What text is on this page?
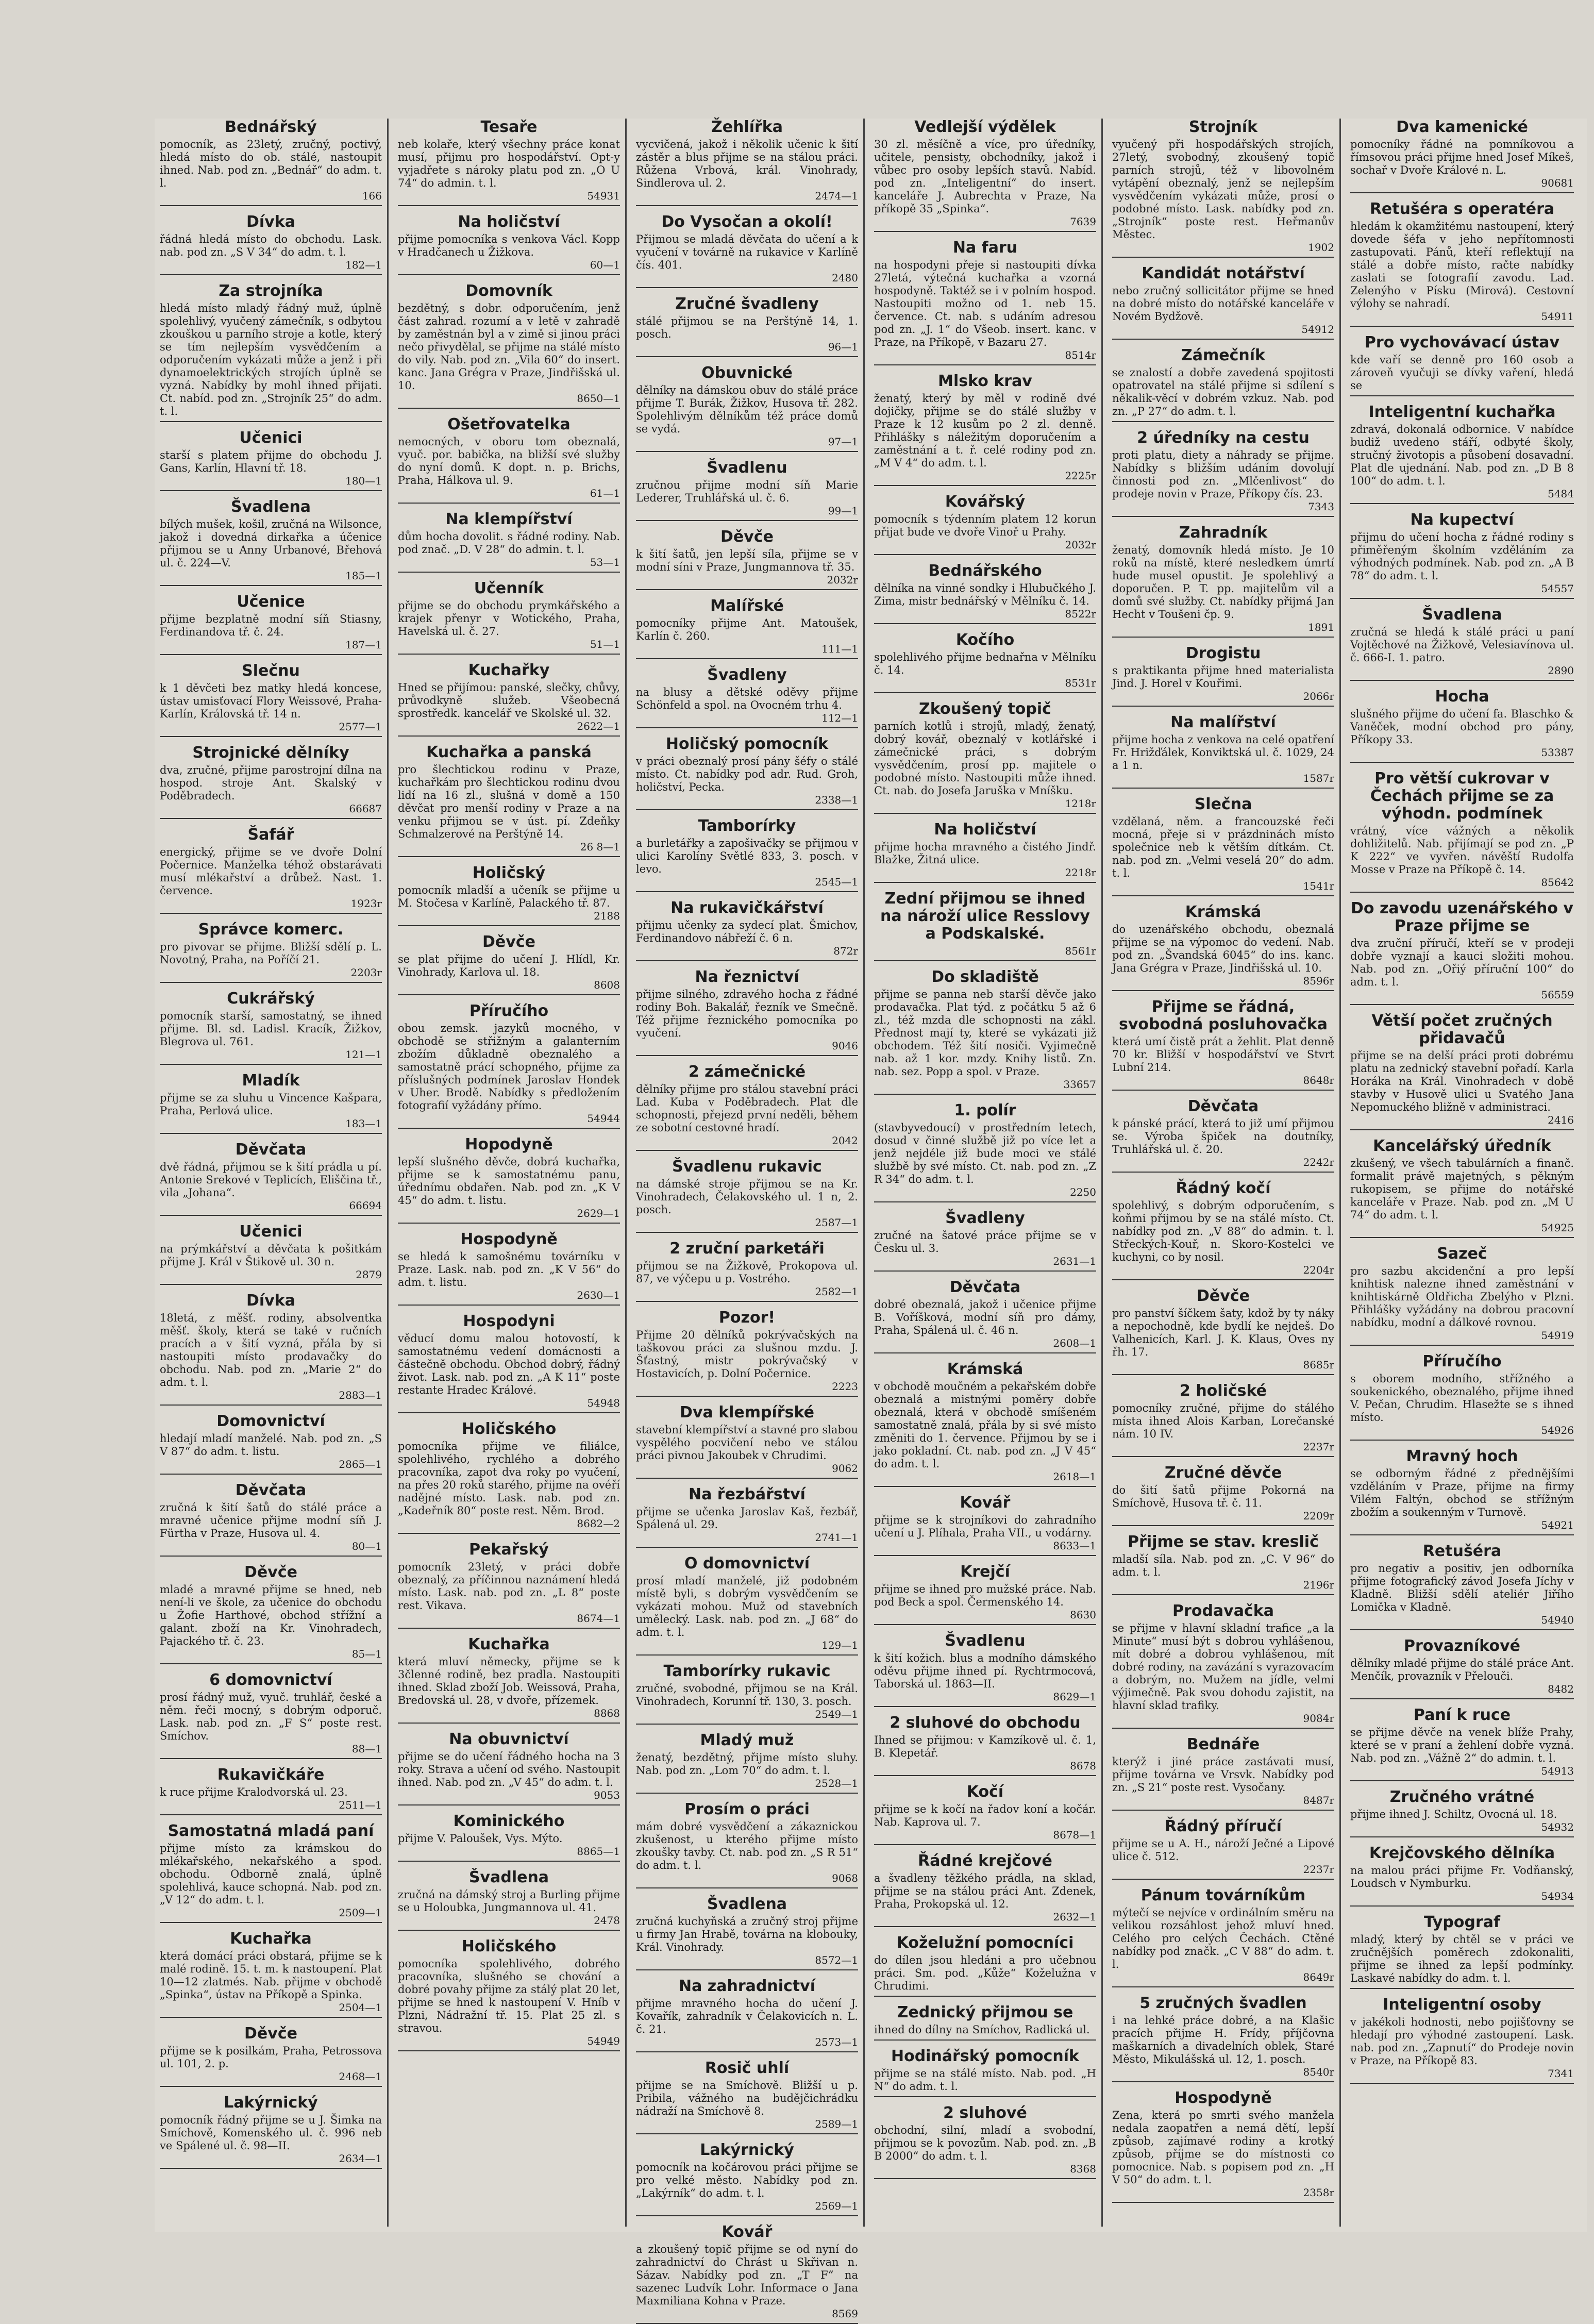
Bednářský

pomocník, as 23letý, zručný, poctivý, hledá místo do ob. stálé, nastoupit ihned. Nab. pod zn. „Bednář“ do adm. t. l.

166
Dívka

řádná hledá místo do obchodu. Lask. nab. pod zn. „S V 34“ do adm. t. l.

182—1
Za strojníka

hledá místo mladý řádný muž, úplně spolehlivý, vyučený zámečník, s odbytou zkouškou u parního stroje a kotle, který se tím nejlepším vysvědčením a odporučením vykázati může a jenž i při dynamoelektrických strojích úplně se vyzná. Nabídky by mohl ihned přijati. Ct. nabíd. pod zn. „Strojník 25“ do adm. t. l.

Učenici

starší s platem přijme do obchodu J. Gans, Karlín, Hlavní tř. 18.

180—1
Švadlena

bílých mušek, košil, zručná na Wilsonce, jakož i dovedná dirkařka a účenice přijmou se u Anny Urbanové, Břehová ul. č. 224—V.

185—1
Učenice

přijme bezplatně modní síň Stiasny, Ferdinandova tř. č. 24.

187—1
Slečnu

k 1 děvčeti bez matky hledá koncese, ústav umisťovací Flory Weissové, Praha-Karlín, Královská tř. 14 n.

2577—1
Strojnické dělníky

dva, zručné, přijme parostrojní dílna na hospod. stroje Ant. Skalský v Poděbradech.

66687
Šafář

energický, přijme se ve dvoře Dolní Počernice. Manželka téhož obstarávati musí mlékařství a drůbež. Nast. 1. července.

1923r
Správce komerc.

pro pivovar se přijme. Bližší sdělí p. L. Novotný, Praha, na Poříčí 21.

2203r
Cukrářský

pomocník starší, samostatný, se ihned přijme. Bl. sd. Ladisl. Kracík, Žižkov, Blegrova ul. 761.

121—1
Mladík

přijme se za sluhu u Vincence Kašpara, Praha, Perlová ulice.

183—1
Děvčata

dvě řádná, přijmou se k šití prádla u pí. Antonie Srekové v Teplicích, Eliščina tř., vila „Johana“.

66694
Učenici

na prýmkářství a děvčata k pošitkám přijme J. Král v Štikově ul. 30 n.

2879
Dívka

18letá, z měšť. rodiny, absolventka měšť. školy, která se také v ručních pracích a v šití vyzná, přála by si nastoupiti místo prodavačky do obchodu. Nab. pod zn. „Marie 2“ do adm. t. l.

2883—1
Domovnictví

hledají mladí manželé. Nab. pod zn. „S V 87“ do adm. t. listu.

2865—1
Děvčata

zručná k šití šatů do stálé práce a mravné učenice přijme modní síň J. Fürtha v Praze, Husova ul. 4.

80—1
Děvče

mladé a mravné přijme se hned, neb není-li ve škole, za učenice do obchodu u Žofie Harthové, obchod střížní a galant. zboží na Kr. Vinohradech, Pajackého tř. č. 23.

85—1
6 domovnictví

prosí řádný muž, vyuč. truhlář, české a něm. řeči mocný, s dobrým odporuč. Lask. nab. pod zn. „F S“ poste rest. Smíchov.

88—1
Rukavičkáře

k ruce přijme Kralodvorská ul. 23.

2511—1
Samostatná mladá paní

přijme místo za krámskou do mlékařského, nekařského a spod. obchodu. Odborně znalá, úplně spolehlivá, kauce schopná. Nab. pod zn. „V 12“ do adm. t. l.

2509—1
Kuchařka

která domácí práci obstará, přijme se k malé rodině. 15. t. m. k nastoupení. Plat 10—12 zlatmés. Nab. přijme v obchodě „Spinka“, ústav na Příkopě a Spinka.

2504—1
Děvče

přijme se k posilkám, Praha, Petrossova ul. 101, 2. p.

2468—1
Lakýrnický

pomocník řádný přijme se u J. Šimka na Smíchově, Komenského ul. č. 996 neb ve Spálené ul. č. 98—II.

2634—1
Tesaře

neb kolaře, který všechny práce konat musí, přijmu pro hospodářství. Opt-y vyjadřete s nároky platu pod zn. „O U 74“ do admin. t. l.

54931
Na holičství

přijme pomocníka s venkova Václ. Kopp v Hradčanech u Žižkova.

60—1
Domovník

bezdětný, s dobr. odporučením, jenž část zahrad. rozumí a v letě v zahradě by zaměstnán byl a v zimě si jinou práci nečo přivydělal, se přijme na stálé místo do vily. Nab. pod zn. „Vila 60“ do insert. kanc. Jana Grégra v Praze, Jindřišská ul. 10.

8650—1
Ošetřovatelka

nemocných, v oboru tom obeznalá, vyuč. por. babička, na bližší své služby do nyní domů. K dopt. n. p. Brichs, Praha, Hálkova ul. 9.

61—1
Na klempířství

dům hocha dovolit. s řádné rodiny. Nab. pod znač. „D. V 28“ do admin. t. l.

53—1
Učenník

přijme se do obchodu prymkářského a krajek přenyr v Wotického, Praha, Havelská ul. č. 27.

51—1
Kuchařky

Hned se přijímou: panské, slečky, chůvy, průvodkyně služeb. Všeobecná sprostředk. kancelář ve Skolské ul. 32.

2622—1
Kuchařka a panská

pro šlechtickou rodinu v Praze, kuchařkám pro šlechtickou rodinu dvou lidí na 16 zl., slušná v domě a 150 děvčat pro menší rodiny v Praze a na venku přijmou se v úst. pí. Zdeňky Schmalzerové na Perštýně 14.

26 8—1
Holičský

pomocník mladší a učeník se přijme u M. Stočesa v Karlíně, Palackého tř. 87.

2188
Děvče

se plat přijme do učení J. Hlídl, Kr. Vinohrady, Karlova ul. 18.

8608
Příručího

obou zemsk. jazyků mocného, v obchodě se střižným a galanterním zbožím důkladně obeznalého a samostatně prácí schopného, přijme za příslušných podmínek Jaroslav Hondek v Uher. Brodě. Nabídky s předložením fotografií vyžádány přímo.

54944
Hopodyně

lepší slušného děvče, dobrá kuchařka, přijme se k samostatnému panu, úřednímu obdařen. Nab. pod zn. „K V 45“ do adm. t. listu.

2629—1
Hospodyně

se hledá k samošnému továrníku v Praze. Lask. nab. pod zn. „K V 56“ do adm. t. listu.

2630—1
Hospodyni

věducí domu malou hotovostí, k samostatnému vedení domácnosti a částečně obchodu. Obchod dobrý, řádný život. Lask. nab. pod zn. „A K 11“ poste restante Hradec Králové.

54948
Holičského

pomocníka přijme ve filiálce, spolehlivého, rychlého a dobrého pracovníka, zapot dva roky po vyučení, na přes 20 roků starého, přijme na ovéří nadějné místo. Lask. nab. pod zn. „Kadeřník 80“ poste rest. Něm. Brod.

8682—2
Pekařský

pomocník 23letý, v práci dobře obeznalý, za příčinnou naznámení hledá místo. Lask. nab. pod zn. „L 8“ poste rest. Vikava.

8674—1
Kuchařka

která mluví německy, přijme se k 3členné rodině, bez pradla. Nastoupiti ihned. Sklad zboží Job. Weissová, Praha, Bredovská ul. 28, v dvoře, přízemek.

8868
Na obuvnictví

přijme se do učení řádného hocha na 3 roky. Strava a učení od svého. Nastoupit ihned. Nab. pod zn. „V 45“ do adm. t. l.

9053
Kominického

přijme V. Paloušek, Vys. Mýto.

8865—1
Švadlena

zručná na dámský stroj a Burling přijme se u Holoubka, Jungmannova ul. 41.

2478
Holičského

pomocníka spolehlivého, dobrého pracovníka, slušného se chování a dobré povahy přijme za stálý plat 20 let, přijme se hned k nastoupení V. Hníb v Plzni, Nádražní tř. 15. Plat 25 zl. s stravou.

54949
Žehlířka

vycvičená, jakož i několik učenic k šití zástěr a blus přijme se na stálou práci. Růžena Vrbová, král. Vinohrady, Sindlerova ul. 2.

2474—1
Do Vysočan a okolí!

Přijmou se mladá děvčata do učení a k vyučení v továrně na rukavice v Karlíně čís. 401.

2480
Zručné švadleny

stálé přijmou se na Perštýně 14, 1. posch.

96—1
Obuvnické

dělníky na dámskou obuv do stálé práce přijme T. Burák, Žižkov, Husova tř. 282. Spolehlivým dělníkům též práce domů se vydá.

97—1
Švadlenu

zručnou přijme modní síň Marie Lederer, Truhlářská ul. č. 6.

99—1
Děvče

k šití šatů, jen lepší síla, přijme se v modní síni v Praze, Jungmannova tř. 35.

2032r
Malířské

pomocníky přijme Ant. Matoušek, Karlín č. 260.

111—1
Švadleny

na blusy a dětské oděvy přijme Schönfeld a spol. na Ovocném trhu 4.

112—1
Holičský pomocník

v práci obeznalý prosí pány šéfy o stálé místo. Ct. nabídky pod adr. Rud. Groh, holičství, Pecka.

2338—1
Tamborírky

a burletářky a zapošivačky se přijmou v ulici Karolíny Světlé 833, 3. posch. v levo.

2545—1
Na rukavičkářství

přijmu učenky za sydecí plat. Šmichov, Ferdinandovo nábřeží č. 6 n.

872r
Na řeznictví

přijme silného, zdravého hocha z řádné rodiny Boh. Bakalář, řezník ve Smečně. Též přijme řeznického pomocníka po vyučení.

9046
2 zámečnické

dělníky přijme pro stálou stavební práci Lad. Kuba v Poděbradech. Plat dle schopnosti, přejezd první neděli, během ze sobotní cestovné hradí.

2042
Švadlenu rukavic

na dámské stroje přijmou se na Kr. Vinohradech, Čelakovského ul. 1 n, 2. posch.

2587—1
2 zruční parketáři

přijmou se na Žižkově, Prokopova ul. 87, ve výčepu u p. Vostrého.

2582—1
Pozor!

Přijme 20 dělníků pokrývačských na taškovou práci za slušnou mzdu. J. Šťastný, mistr pokrývačský v Hostavicích, p. Dolní Počernice.

2223
Dva klempířské

stavební klempířství a stavné pro slabou vyspělého pocvičení nebo ve stálou práci pivnou Jakoubek v Chrudimi.

9062
Na řezbářství

přijme se učenka Jaroslav Kaš, řezbář, Spálená ul. 29.

2741—1
O domovnictví

prosí mladí manželé, již podobném místě byli, s dobrým vysvědčením se vykázati mohou. Muž od stavebních umělecký. Lask. nab. pod zn. „J 68“ do adm. t. l.

129—1
Tamborírky rukavic

zručné, svobodné, přijmou se na Král. Vinohradech, Korunní tř. 130, 3. posch.

2549—1
Mladý muž

ženatý, bezdětný, přijme místo sluhy. Nab. pod zn. „Lom 70“ do adm. t. l.

2528—1
Prosím o práci

mám dobré vysvědčení a zákaznickou zkušenost, u kterého přijme místo zkoušky tavby. Ct. nab. pod zn. „S R 51“ do adm. t. l.

9068
Švadlena

zručná kuchyňská a zručný stroj přijme u firmy Jan Hrabě, továrna na klobouky, Král. Vinohrady.

8572—1
Na zahradnictví

přijme mravného hocha do učení J. Kovařík, zahradník v Čelakovicích n. L. č. 21.

2573—1
Rosič uhlí

přijme se na Smíchově. Bližší u p. Pribila, vážného na budějčichrádku nádraží na Smíchově 8.

2589—1
Lakýrnický

pomocník na kočárovou práci přijme se pro velké město. Nabídky pod zn. „Lakýrník“ do adm. t. l.

2569—1
Kovář

a zkoušený topič přijme se od nyní do zahradnictví do Chrást u Skřivan n. Sázav. Nabídky pod zn. „T F“ na sazenec Ludvík Lohr. Informace o Jana Maxmiliana Kohna v Praze.

8569
Vedlejší výdělek

30 zl. měsíčně a více, pro úředníky, učitele, pensisty, obchodníky, jakož i vůbec pro osoby lepších stavů. Nabíd. pod zn. „Inteligentní“ do insert. kanceláře J. Aubrechta v Praze, Na příkopě 35 „Spinka“.

7639
Na faru

na hospodyni přeje si nastoupiti dívka 27letá, výtečná kuchařka a vzorná hospodyně. Taktéž se i v polním hospod. Nastoupiti možno od 1. neb 15. července. Ct. nab. s udáním adresou pod zn. „J. 1“ do Všeob. insert. kanc. v Praze, na Příkopě, v Bazaru 27.

8514r
Mlsko krav

ženatý, který by měl v rodině dvé dojičky, přijme se do stálé služby v Praze k 12 kusům po 2 zl. denně. Přihlášky s náležitým doporučením a zaměstnání a t. ř. celé rodiny pod zn. „M V 4“ do adm. t. l.

2225r
Kovářský

pomocník s týdenním platem 12 korun přijat bude ve dvoře Vinoř u Prahy.

2032r
Bednářského

dělníka na vinné sondky i Hlubučkého J. Zima, mistr bednářský v Mělníku č. 14.

8522r
Kočího

spolehlivého přijme bednařna v Mělníku č. 14.

8531r
Zkoušený topič

parních kotlů i strojů, mladý, ženatý, dobrý kovář, obeznalý v kotlářské i zámečnické práci, s dobrým vysvědčením, prosí pp. majitele o podobné místo. Nastoupiti může ihned. Ct. nab. do Josefa Jaruška v Mníšku.

1218r
Na holičství

přijme hocha mravného a čistého Jindř. Blažke, Žitná ulice.

2218r
Zední přijmou se ihned na nároží ulice Resslovy a Podskalské.
8561r
Do skladiště

přijme se panna neb starší děvče jako prodavačka. Plat týd. z počátku 5 až 6 zl., též mzda dle schopnosti na zákl. Přednost mají ty, které se vykázati již obchodem. Též šití nosiči. Vyjimečně nab. až 1 kor. mzdy. Knihy listů. Zn. nab. sez. Popp a spol. v Praze.

33657
1. polír

(stavbyvedoucí) v prostředním letech, dosud v činné službě již po více let a jenž nejdéle již bude moci ve stálé službě by své místo. Ct. nab. pod zn. „Z R 34“ do adm. t. l.

2250
Švadleny

zručné na šatové práce přijme se v Česku ul. 3.

2631—1
Děvčata

dobré obeznalá, jakož i učenice přijme B. Voříšková, modní síň pro dámy, Praha, Spálená ul. č. 46 n.

2608—1
Krámská

v obchodě moučném a pekařském dobře obeznalá a mistnými poměry dobře obeznalá, která v obchodě smíšeném samostatně znalá, přála by si své místo změniti do 1. července. Přijmou by se i jako pokladní. Ct. nab. pod zn. „J V 45“ do adm. t. l.

2618—1
Kovář

přijme se k strojníkovi do zahradního učení u J. Plíhala, Praha VII., u vodárny.

8633—1
Krejčí

přijme se ihned pro mužské práce. Nab. pod Beck a spol. Čermenského 14.

8630
Švadlenu

k šití kožich. blus a modního dámského oděvu přijme ihned pí. Rychtrmocová, Taborská ul. 1863—II.

8629—1
2 sluhové do obchodu

Ihned se přijmou: v Kamzíkově ul. č. 1, B. Klepetář.

8678
Kočí

přijme se k kočí na řadov koní a kočár. Nab. Kaprova ul. 7.

8678—1
Řádné krejčové

a švadleny těžkého prádla, na sklad, přijme se na stálou práci Ant. Zdenek, Praha, Prokopská ul. 12.

2632—1
Koželužní pomocníci

do dílen jsou hledáni a pro učebnou práci. Sm. pod. „Kůže“ Koželužna v Chrudimi.

Zednický přijmou se

ihned do dílny na Smíchov, Radlická ul.

Hodinářský pomocník

přijme se na stálé místo. Nab. pod. „H N“ do adm. t. l.

2 sluhové

obchodní, silní, mladí a svobodní, přijmou se k povozům. Nab. pod. zn. „B B 2000“ do adm. t. l.

8368
Strojník

vyučený při hospodářských strojích, 27letý, svobodný, zkoušený topič parních strojů, též v libovolném vytápění obeznalý, jenž se nejlepším vysvědčením vykázati může, prosí o podobné místo. Lask. nabídky pod zn. „Strojník“ poste rest. Heřmanův Městec.

1902
Kandidát notářství

nebo zručný sollicitátor přijme se hned na dobré místo do notářské kanceláře v Novém Bydžově.

54912
Zámečník

se znalostí a dobře zavedená spojitosti opatrovatel na stálé přijme si sdílení s někalik-věcí v dobrém vzkuz. Nab. pod zn. „P 27“ do adm. t. l.

2 úředníky na cestu

proti platu, diety a náhrady se přijme. Nabídky s bližším udáním dovolují činnosti pod zn. „Mlčenlivost“ do prodeje novin v Praze, Příkopy čís. 23.

7343
Zahradník

ženatý, domovník hledá místo. Je 10 roků na místě, které nesledkem úmrtí hude musel opustit. Je spolehlivý a doporučen. P. T. pp. majitelům vil a domů své služby. Ct. nabídky přijmá Jan Hecht v Toušeni čp. 9.

1891
Drogistu

s praktikanta přijme hned materialista Jind. J. Horel v Kouřimi.

2066r
Na malířství

přijme hocha z venkova na celé opatření Fr. Hrižďálek, Konviktská ul. č. 1029, 24 a 1 n.

1587r
Slečna

vzdělaná, něm. a francouzské řeči mocná, přeje si v prázdninách místo společnice neb k větším dítkám. Ct. nab. pod zn. „Velmi veselá 20“ do adm. t. l.

1541r
Krámská

do uzenářského obchodu, obeznalá přijme se na výpomoc do vedení. Nab. pod zn. „Švandská 6045“ do ins. kanc. Jana Grégra v Praze, Jindřišská ul. 10.

8596r
Přijme se řádná, svobodná posluhovačka

která umí čistě prát a žehlit. Plat denně 70 kr. Bližší v hospodářství ve Stvrt Lubní 214.

8648r
Děvčata

k pánské prácí, která to již umí přijmou se. Výroba špiček na doutníky, Truhlářská ul. č. 20.

2242r
Řádný kočí

spolehlivý, s dobrým odporučením, s koňmi přijmou by se na stálé místo. Ct. nabídky pod zn. „V 88“ do admin. t. l. Střeckých-Kouř, n. Skoro-Kostelci ve kuchyni, co by nosil.

2204r
Děvče

pro panství šíčkem šaty, kdož by ty náky a nepochodně, kde bydlí ke nejdeš. Do Valhenicích, Karl. J. K. Klaus, Oves ny řh. 17.

8685r
2 holičské

pomocníky zručné, přijme do stálého místa ihned Alois Karban, Lorečanské nám. 10 IV.

2237r
Zručné děvče

do šití šatů přijme Pokorná na Smíchově, Husova tř. č. 11.

2209r
Přijme se stav. kreslič

mladší síla. Nab. pod zn. „C. V 96“ do adm. t. l.

2196r
Prodavačka

se přijme v hlavní skladní trafice „a la Minute“ musí být s dobrou vyhlášenou, mít dobré a dobrou vyhlášenou, mít dobré rodiny, na zavázání s vyrazovacím a dobrým, no. Mužem na jídle, velmi výjimečně. Pak svou dohodu zajistit, na hlavní sklad trafiky.

9084r
Bednáře

kterýž i jiné práce zastávati musí, přijme továrna ve Vrsvk. Nabídky pod zn. „S 21“ poste rest. Vysočany.

8487r
Řádný příručí

přijme se u A. H., nároží Ječné a Lipové ulice č. 512.

2237r
Pánum továrníkům

mýtečí se nejvíce v ordinálním směru na velikou rozsáhlost jehož mluví hned. Celého pro celých Čechách. Ctěné nabídky pod značk. „C V 88“ do adm. t. l.

8649r
5 zručných švadlen

i na lehké práce dobré, a na Klašic pracích přijme H. Frídy, příjčovna maškarních a divadelních oblek, Staré Město, Mikulášská ul. 12, 1. posch.

8540r
Hospodyně

Zena, která po smrti svého manžela nedala zaopatřen a nemá dětí, lepší způsob, zajímavé rodiny a krotký způsob, příjme se do místnosti co pomocnice. Nab. s popisem pod zn. „H V 50“ do adm. t. l.

2358r
Dva kamenické

pomocníky řádné na pomníkovou a římsovou práci přijme hned Josef Míkeš, sochař v Dvoře Králové n. L.

90681
Retušéra s operatéra

hledám k okamžitému nastoupení, který dovede šéfa v jeho nepřítomnosti zastupovati. Pánů, kteří reflektují na stálé a dobře místo, račte nabídky zaslati se fotografií zavodu. Lad. Zelenýho v Písku (Mirová). Cestovní výlohy se nahradí.

54911
Pro vychovávací ústav

kde vaří se denně pro 160 osob a zároveň vyučuji se dívky vaření, hledá se

Inteligentní kuchařka

zdravá, dokonalá odbornice. V nabídce budiž uvedeno stáří, odbyté školy, stručný životopis a působení dosavadní. Plat dle ujednání. Nab. pod zn. „D B 8 100“ do adm. t. l.

5484
Na kupectví

přijmu do učení hocha z řádné rodiny s přiměřeným školním vzděláním za výhodných podmínek. Nab. pod zn. „A B 78“ do adm. t. l.

54557
Švadlena

zručná se hledá k stálé práci u paní Vojtěchové na Žižkově, Velesiavínova ul. č. 666-I. 1. patro.

2890
Hocha

slušného přijme do učení fa. Blaschko & Vaněček, modní obchod pro pány, Příkopy 33.

53387
Pro větší cukrovar v Čechách přijme se za výhodn. podmínek

vrátný, více vážných a několik dohližitelů. Nab. přijímají se pod zn. „P K 222“ ve vyvřen. návěští Rudolfa Mosse v Praze na Příkopě č. 14.

85642
Do zavodu uzenářského v Praze přijme se

dva zruční příručí, kteří se v prodeji dobře vyznají a kauci složiti mohou. Nab. pod zn. „Ořiý příruční 100“ do adm. t. l.

56559
Větší počet zručných přidavačů

přijme se na delší práci proti dobrému platu na zednický stavební pořadí. Karla Horáka na Král. Vinohradech v době stavby v Husově ulici u Svatého Jana Nepomuckého bližně v administraci.

2416
Kancelářský úředník

zkušený, ve všech tabulárních a finanč. formalit právě majetných, s pěkným rukopisem, se přijme do notářské kanceláře v Praze. Nab. pod zn. „M U 74“ do adm. t. l.

54925
Sazeč

pro sazbu akcidenční a pro lepší knihtisk nalezne ihned zaměstnání v knihtiskárně Oldřicha Zbelýho v Plzni. Přihlášky vyžádány na dobrou pracovní nabídku, modní a dálkové rovnou.

54919
Příručího

s oborem modního, střížného a soukenického, obeznalého, přijme ihned V. Pečan, Chrudim. Hlasežte se s ihned místo.

54926
Mravný hoch

se odborným řádné z přednějšími vzděláním v Praze, přijme na firmy Vilém Faltýn, obchod se střížným zbožím a soukenným v Turnově.

54921
Retušéra

pro negativ a positiv, jen odborníka přijme fotografický závod Josefa Jíchy v Kladně. Bližší sdělí ateliér Jiřího Lomička v Kladně.

54940
Provazníkové

dělníky mladé přijme do stálé práce Ant. Menčík, provazník v Přelouči.

8482
Paní k ruce

se přijme děvče na venek blíže Prahy, které se v praní a žehlení dobře vyzná. Nab. pod zn. „Vážně 2“ do admin. t. l.

54913
Zručného vrátné

přijme ihned J. Schiltz, Ovocná ul. 18.

54932
Krejčovského dělníka

na malou práci přijme Fr. Vodňanský, Loudsch v Nymburku.

54934
Typograf

mladý, který by chtěl se v práci ve zručnějších poměrech zdokonaliti, přijme se ihned za lepší podmínky. Laskavé nabídky do adm. t. l.

Inteligentní osoby

v jakékoli hodnosti, nebo pojišťovny se hledají pro výhodné zastoupení. Lask. nab. pod zn. „Zapnutí“ do Prodeje novin v Praze, na Příkopě 83.

7341
